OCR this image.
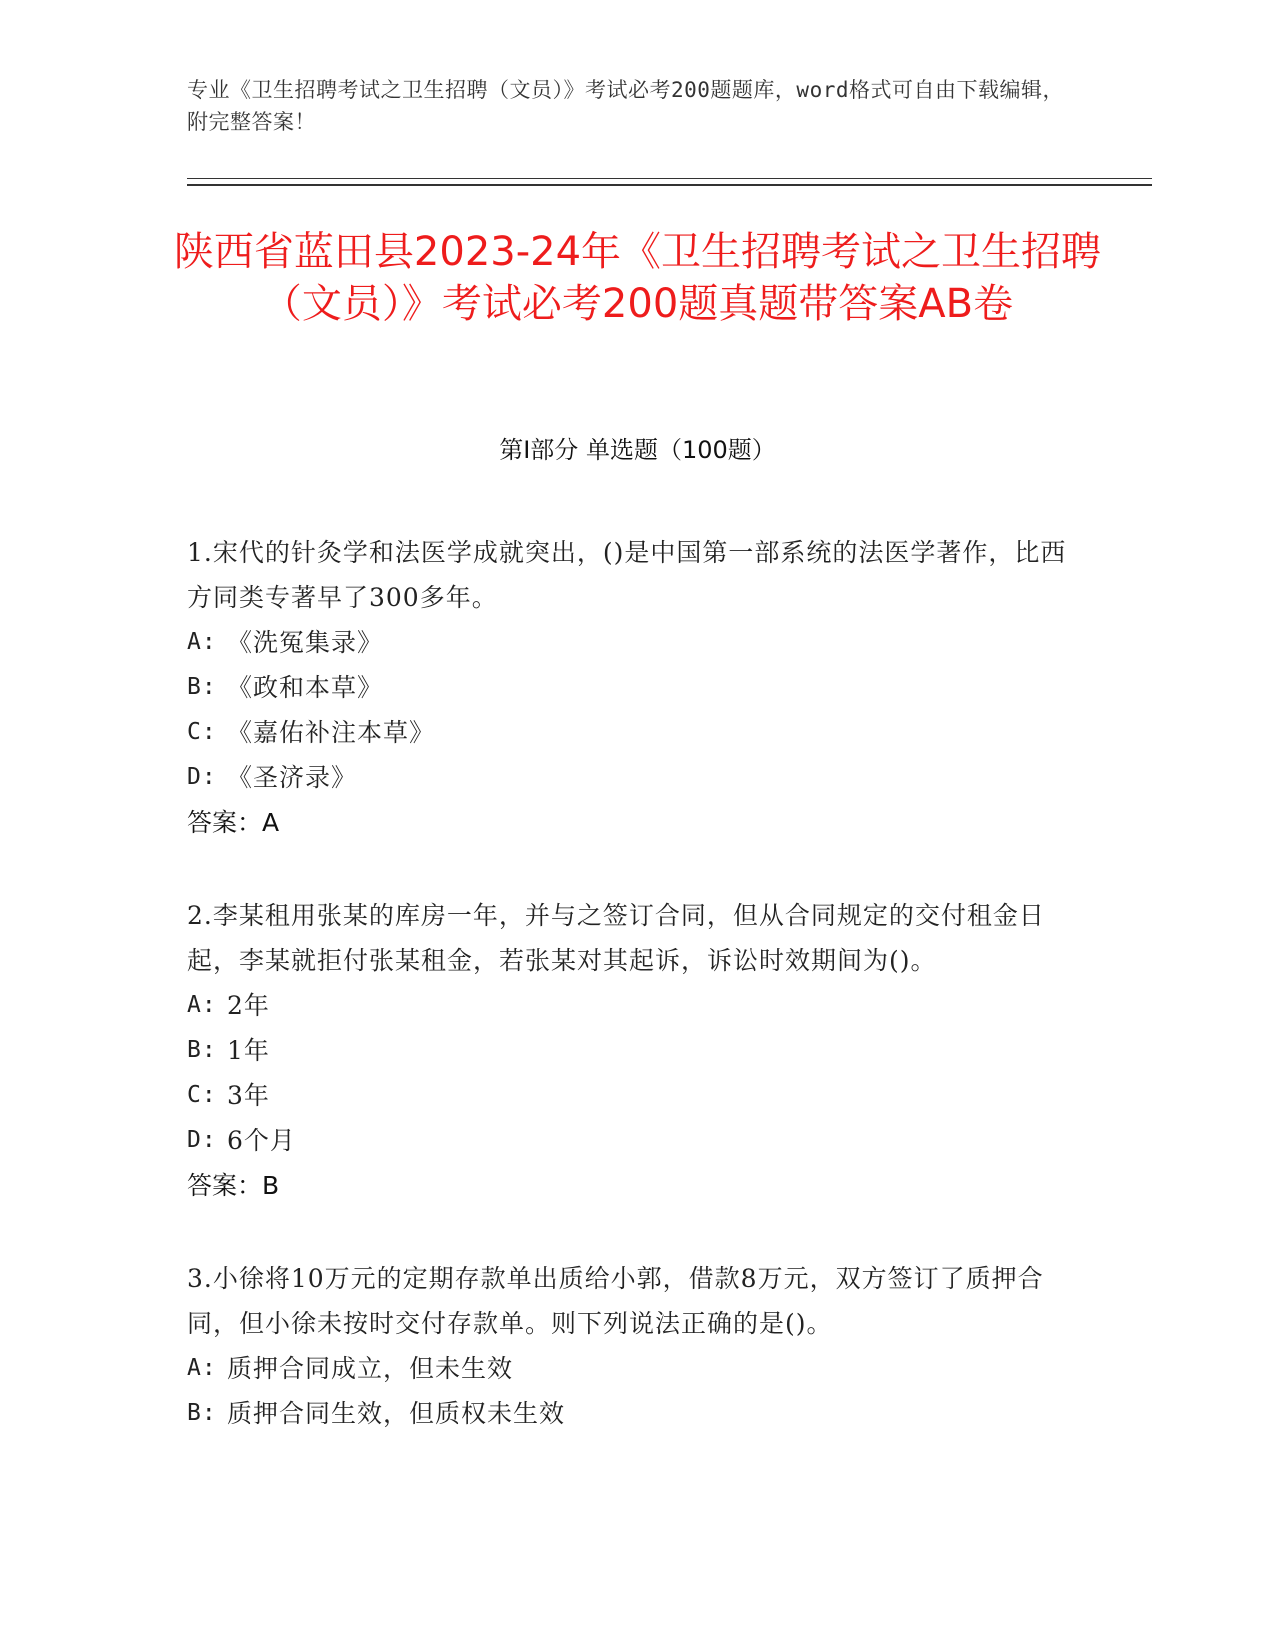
专业《卫生招聘考试之卫生招聘（文员）》考试必考200题题库，word格式可自由下载编辑，附完整答案！
陕西省蓝田县2023-24年《卫生招聘考试之卫生招聘（文员）》考试必考200题真题带答案AB卷
第I部分 单选题（100题）

1.宋代的针灸学和法医学成就突出，()是中国第一部系统的法医学著作，比西方同类专著早了300多年。

A: 《洗冤集录》
B: 《政和本草》
C: 《嘉佑补注本草》
D: 《圣济录》
答案：A

2.李某租用张某的库房一年，并与之签订合同，但从合同规定的交付租金日起，李某就拒付张某租金，若张某对其起诉，诉讼时效期间为()。

A: 2年
B: 1年
C: 3年
D: 6个月
答案：B

3.小徐将10万元的定期存款单出质给小郭，借款8万元，双方签订了质押合同，但小徐未按时交付存款单。则下列说法正确的是()。

A: 质押合同成立，但未生效
B: 质押合同生效，但质权未生效
